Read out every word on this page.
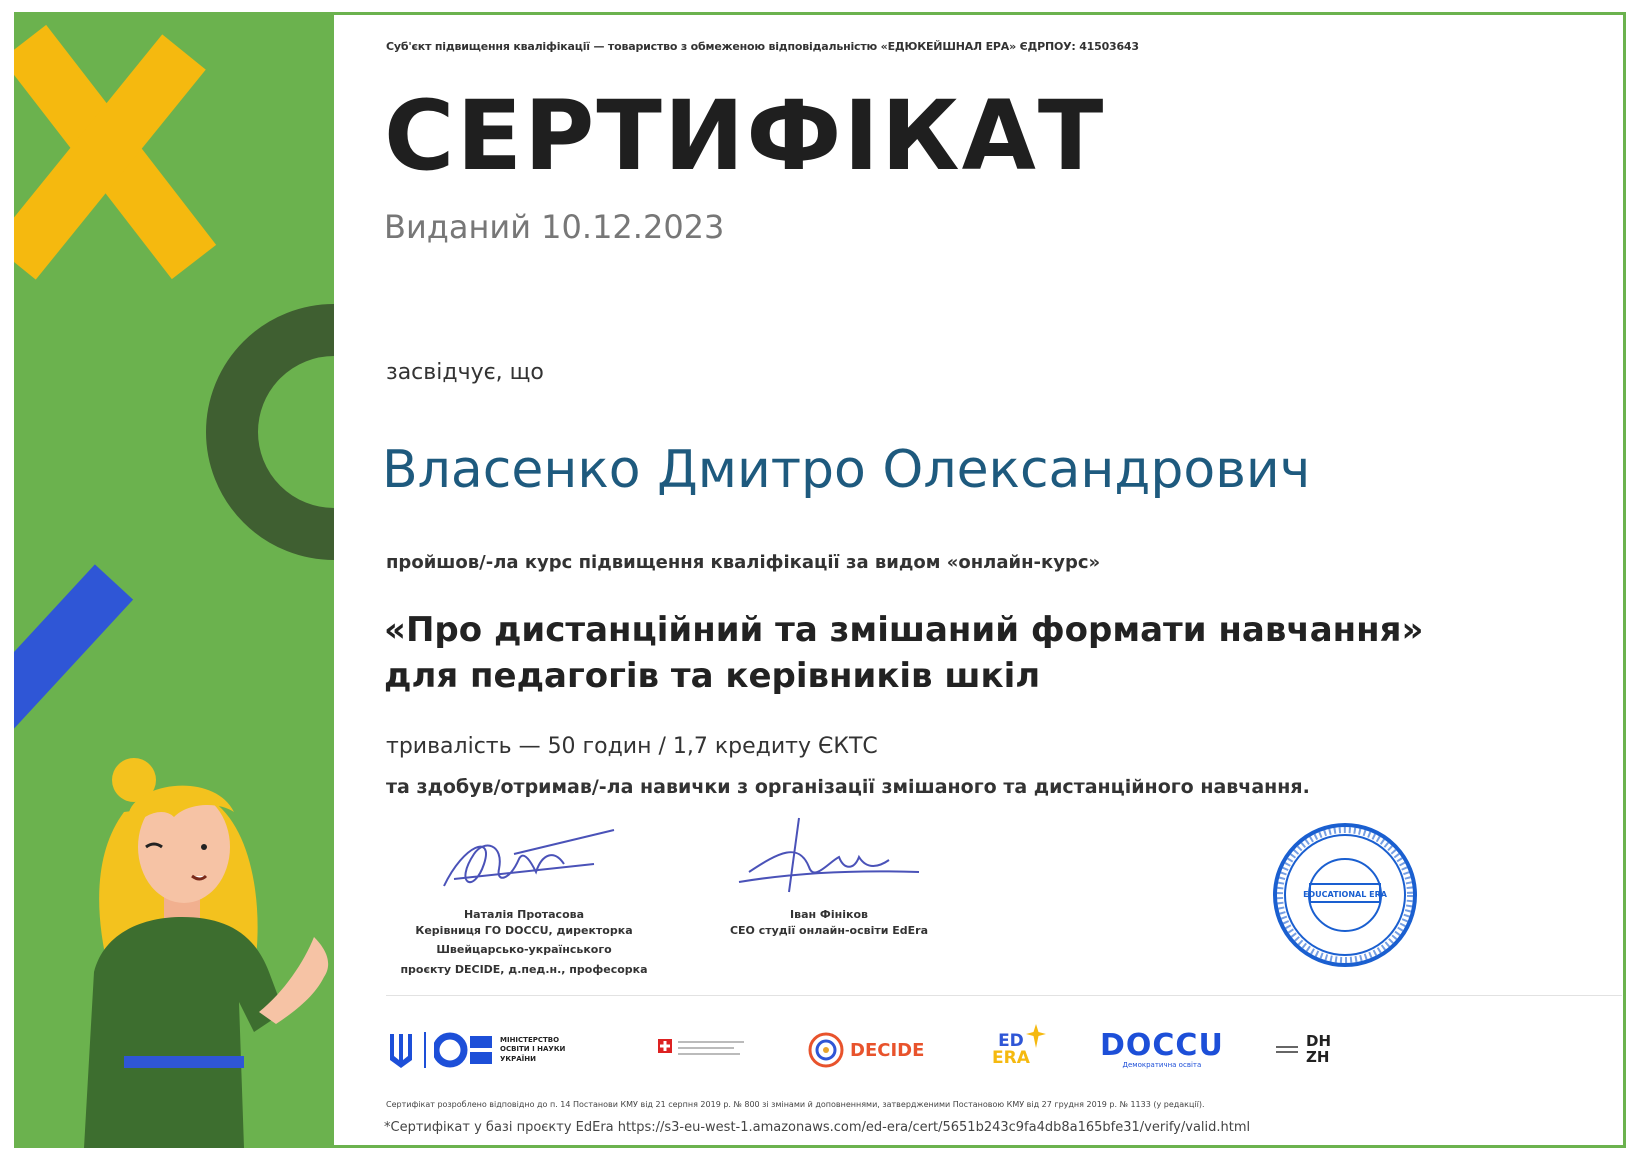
Суб'єкт підвищення кваліфікації — товариство з обмеженою відповідальністю «ЕДЮКЕЙШНАЛ ЕРА» ЄДРПОУ: 41503643
СЕРТИФІКАТ
Виданий 10.12.2023
засвідчує, що
Власенко Дмитро Олександрович
пройшов/-ла курс підвищення кваліфікації за видом «онлайн-курс»
«Про дистанційний та змішаний формати навчання»
для педагогів та керівників шкіл
тривалість — 50 годин / 1,7 кредиту ЄКТС
та здобув/отримав/-ла навички з організації змішаного та дистанційного навчання.
Наталія Протасова
Керівниця ГО DOCCU, директорка
Швейцарсько-українського
проєкту DECIDE, д.пед.н., професорка
Іван Фініков
CEO студії онлайн-освіти EdEra
EDUCATIONAL ERA
МІНІСТЕРСТВО ОСВІТИ І НАУКИ УКРАЇНИ	DECIDE	ED
ERA DOCCU
Демократична освіта
DH
ZH
Сертифікат розроблено відповідно до п. 14 Постанови КМУ від 21 серпня 2019 р. № 800 зі змінами й доповненнями, затвердженими Постановою КМУ від 27 грудня 2019 р. № 1133 (у редакції).
*Сертифікат у базі проєкту EdEra https://s3-eu-west-1.amazonaws.com/ed-era/cert/5651b243c9fa4db8a165bfe31/verify/valid.html
